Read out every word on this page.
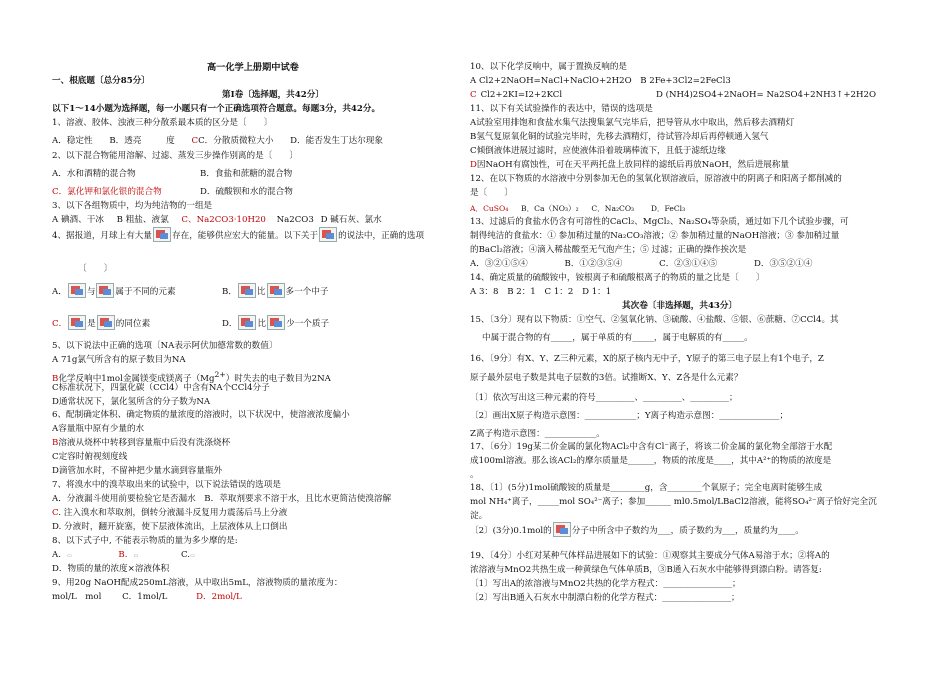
高一化学上册期中试卷
一、根底题〔总分85分〕
第Ⅰ卷〔选择题，共42分〕
以下1～14小题为选择题，每一小题只有一个正确选项符合题意。每题3分，共42分。
1、溶液、胶体、浊液三种分散系最本质的区分是〔　　〕
A．稳定性 B．透亮	度 CC．分散质微粒大小 D．能否发生丁达尔现象
2、以下混合物能用溶解、过滤、蒸发三步操作别离的是〔　　〕
A．水和酒精的混合物	B．食盐和蔗糖的混合物
C．氯化钾和氯化银的混合物	D．硫酸钡和水的混合物
3、以下各组物质中，均为纯洁物的一组是
A 碘酒、干冰 B 粗盐、液氯 C、Na2CO3·10H20 Na2CO3 D 碱石灰、氯水
4、据报道，月球上有大量 存在，能够供应宏大的能量。以下关于 的说法中，正确的选项
〔　　〕
A． 与 属于不同的元素	B． 比 多一个中子
C． 是 的同位素	D． 比 少一个质子
5、以下说法中正确的选项〔NA表示阿伏加德常数的数值〕
A 71g氯气所含有的原子数目为NA
B化学反响中1mol金属镁变成镁离子$(Mg^{2+})$时失去的电子数目为2NA
C标准状况下，四氯化碳（CCl4）中含有NA个CCl4分子
D通常状况下，氯化氢所含的分子数为NA
6、配制确定体积、确定物质的量浓度的溶液时，以下状况中，使溶液浓度偏小
A容量瓶中原有少量的水
B溶液从烧杯中转移到容量瓶中后没有洗涤烧杯
C定容时俯视刻度线
D滴管加水时，不留神把少量水滴到容量瓶外
7、将溴水中的溴萃取出来的试验中，以下说法错误的选项是
A．分液漏斗使用前要检验它是否漏水　B．萃取剂要求不溶于水，且比水更简洁使溴溶解
C. 注入溴水和萃取剂，倒转分液漏斗反复用力震荡后马上分液
D. 分液时，翻开旋塞，使下层液体流出，上层液体从上口倒出
8、以下式子中, 不能表示物质的量为多少摩的是:
A. ▭	B. ▭	C.▭
D．物质的量的浓度×溶液体积
9、用20g NaOH配成250mL溶液，从中取出5mL，溶液物质的量浓度为：
mol/L　mol C．1mol/L	D．2mol/L
10、以下化学反响中，属于置换反响的是
A Cl2+2NaOH=NaCl+NaClO+2H2O　B 2Fe+3Cl2=2FeCl3
C Cl2+2KI=I2+2KCl	D (NH4)2SO4+2NaOH= Na2SO4+2NH3↑+2H2O
11、以下有关试验操作的表达中，错误的选项是
A试验室用排饱和食盐水集气法搜集氯气完毕后，把导管从水中取出，然后移去酒精灯
B氢气复原氧化铜的试验完毕时，先移去酒精灯，待试管冷却后再停顿通入氢气
C倾倒液体进展过滤时，应使液体沿着玻璃棒流下，且低于滤纸边缘
D因NaOH有腐蚀性，可在天平两托盘上放同样的滤纸后再放NaOH，然后进展称量
12、在以下物质的水溶液中分别参加无色的氢氧化钡溶液后，原溶液中的阴离子和阳离子都削减的
是〔　　〕
A．CuSO₄ B．Ca（NO₃）₂ C．Na₂CO₃ D．FeCl₃
13、过滤后的食盐水仍含有可溶性的CaCl₂、MgCl₂、Na₂SO₄等杂质，通过如下几个试验步骤，可
制得纯洁的食盐水：① 参加稍过量的Na₂CO₃溶液；② 参加稍过量的NaOH溶液；③ 参加稍过量
的BaCl₂溶液；④滴入稀盐酸至无气泡产生；⑤ 过滤；正确的操作挨次是
A．③②①⑤④	B．①②③⑤④	C．②③①④⑤	D．③⑤②①④
14、确定质量的硫酸铵中，铵根离子和硫酸根离子的物质的量之比是〔　　〕
A 3：8 B 2：1 C 1：2 D 1：1
其次卷〔非选择题，共43分〕
15、〔3分〕现有以下物质：①空气、②氢氧化钠、③硫酸、④盐酸、⑤银、⑥蔗糖、⑦CCl4。其
中属于混合物的有_____，属于单质的有_____，属于电解质的有_____。
16、〔9分〕有X、Y、Z三种元素，X的原子核内无中子，Y原子的第三电子层上有1个电子，Z
原子最外层电子数是其电子层数的3倍。试推断X、Y、Z各是什么元素？
〔1〕依次写出这三种元素的符号_________、_________、_________；
〔2〕画出X原子构造示意图：____________；Y离子构造示意图：______________；
Z离子构造示意图：____________。
17、〔6分〕19g某二价金属的氯化物ACl₂中含有Cl⁻离子，将该二价金属的氯化物全部溶于水配
成100ml溶液。那么该ACl₂的摩尔质量是______，物质的浓度是____，其中A²⁺的物质的浓度是
。
18、〔1〕(5分)1mol硫酸铵的质量是________g，含________个氧原子；完全电离时能够生成
mol NH₄⁺离子，_____mol SO₄²⁻离子；参加______ ml0.5mol/LBaCl2溶液，能将SO₄²⁻离子恰好完全沉
淀。
〔2〕(3分)0.1mol的 分子中所含中子数约为___，质子数约为___，质量约为____。
19、〔4分〕小红对某种气体样品进展如下的试验：①观察其主要成分气体A易溶于水；②将A的
浓溶液与MnO2共热生成一种黄绿色气体单质B，③B通入石灰水中能够得到漂白粉。请答复:
〔1〕写出A的浓溶液与MnO2共热的化学方程式：________________；
〔2〕写出B通入石灰水中制漂白粉的化学方程式：________________；
